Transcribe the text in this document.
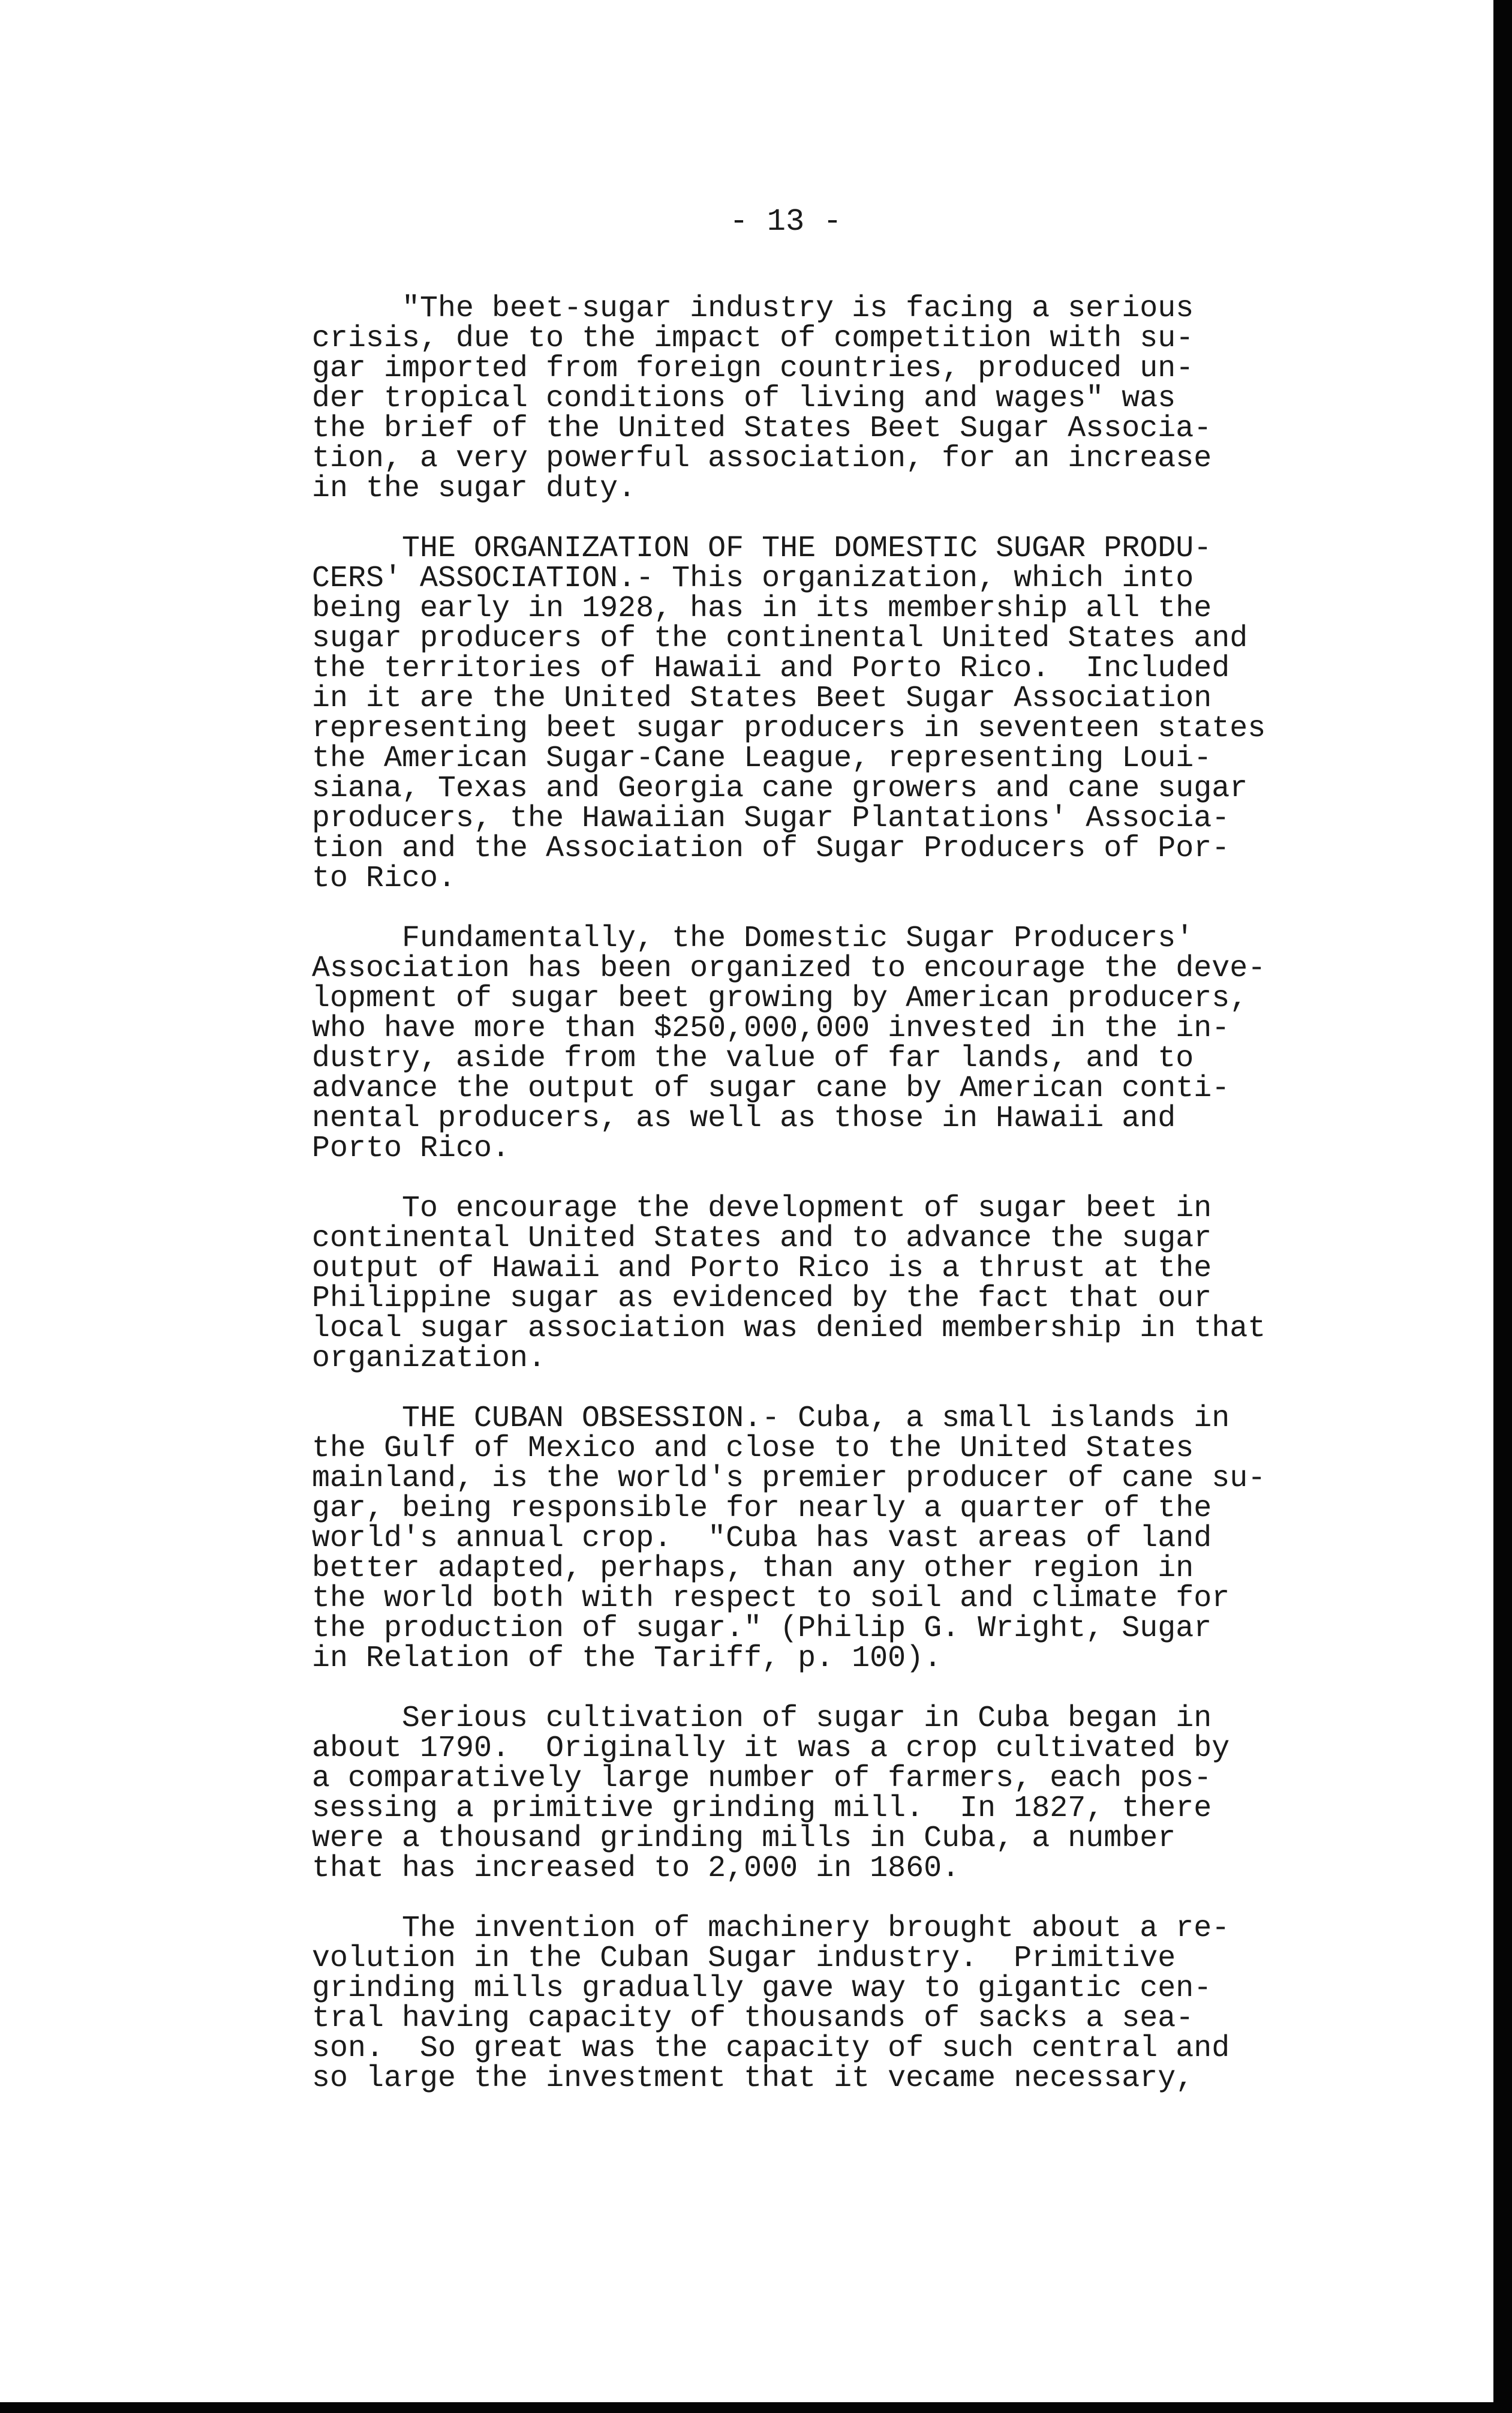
- 13 -

"The beet-sugar industry is facing a serious
crisis, due to the impact of competition with su-
gar imported from foreign countries, produced un-
der tropical conditions of living and wages" was
the brief of the United States Beet Sugar Associa-
tion, a very powerful association, for an increase
in the sugar duty.
THE ORGANIZATION OF THE DOMESTIC SUGAR PRODU-
CERS' ASSOCIATION.- This organization, which into
being early in 1928, has in its membership all the
sugar producers of the continental United States and
the territories of Hawaii and Porto Rico.  Included
in it are the United States Beet Sugar Association
representing beet sugar producers in seventeen states
the American Sugar-Cane League, representing Loui-
siana, Texas and Georgia cane growers and cane sugar
producers, the Hawaiian Sugar Plantations' Associa-
tion and the Association of Sugar Producers of Por-
to Rico.
Fundamentally, the Domestic Sugar Producers'
Association has been organized to encourage the deve-
lopment of sugar beet growing by American producers,
who have more than $250,000,000 invested in the in-
dustry, aside from the value of far lands, and to
advance the output of sugar cane by American conti-
nental producers, as well as those in Hawaii and
Porto Rico.
To encourage the development of sugar beet in
continental United States and to advance the sugar
output of Hawaii and Porto Rico is a thrust at the
Philippine sugar as evidenced by the fact that our
local sugar association was denied membership in that
organization.
THE CUBAN OBSESSION.- Cuba, a small islands in
the Gulf of Mexico and close to the United States
mainland, is the world's premier producer of cane su-
gar, being responsible for nearly a quarter of the
world's annual crop.  "Cuba has vast areas of land
better adapted, perhaps, than any other region in
the world both with respect to soil and climate for
the production of sugar." (Philip G. Wright, Sugar
in Relation of the Tariff, p. 100).
Serious cultivation of sugar in Cuba began in
about 1790.  Originally it was a crop cultivated by
a comparatively large number of farmers, each pos-
sessing a primitive grinding mill.  In 1827, there
were a thousand grinding mills in Cuba, a number
that has increased to 2,000 in 1860.
The invention of machinery brought about a re-
volution in the Cuban Sugar industry.  Primitive
grinding mills gradually gave way to gigantic cen-
tral having capacity of thousands of sacks a sea-
son.  So great was the capacity of such central and
so large the investment that it vecame necessary,
